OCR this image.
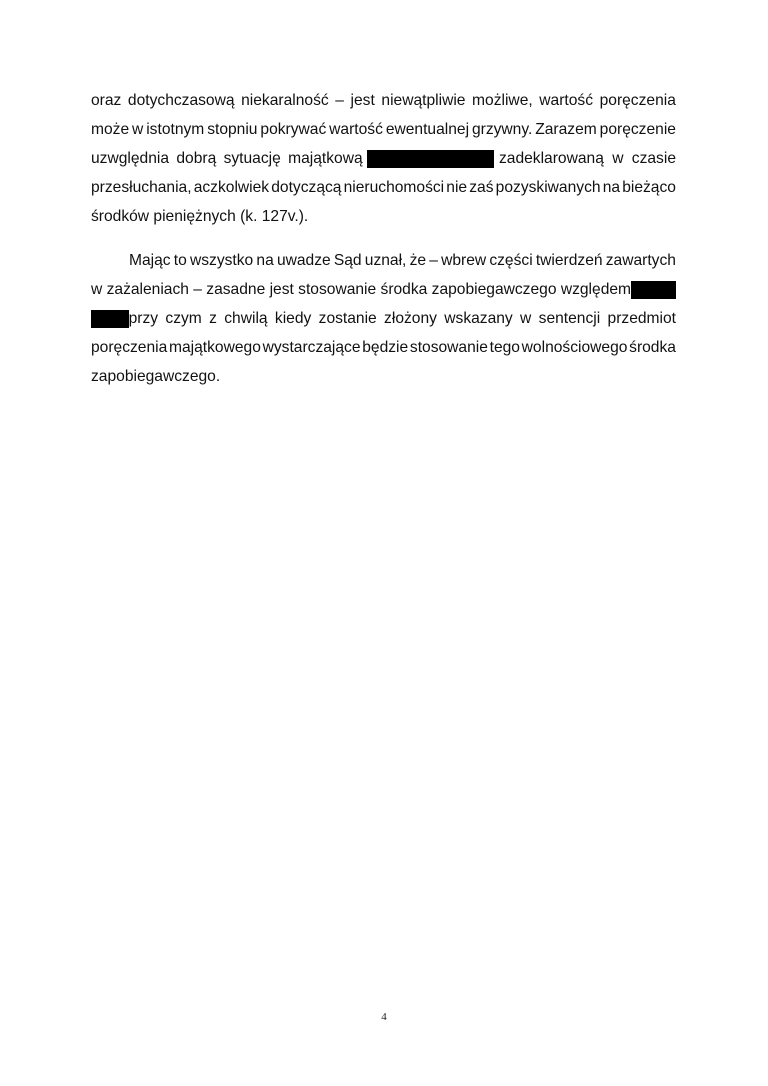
oraz dotychczasową niekaralność – jest niewątpliwie możliwe, wartość poręczenia
może w istotnym stopniu pokrywać wartość ewentualnej grzywny. Zarazem poręczenie
uzwględnia dobrą sytuację majątkową	zadeklarowaną w czasie
przesłuchania, aczkolwiek dotyczącą nieruchomości nie zaś pozyskiwanych na bieżąco
środków pieniężnych (k. 127v.).
Mając to wszystko na uwadze Sąd uznał, że – wbrew części twierdzeń zawartych
w zażaleniach – zasadne jest stosowanie środka zapobiegawczego względem
przy czym z chwilą kiedy zostanie złożony wskazany w sentencji przedmiot
poręczenia majątkowego wystarczające będzie stosowanie tego wolnościowego środka
zapobiegawczego.
4
